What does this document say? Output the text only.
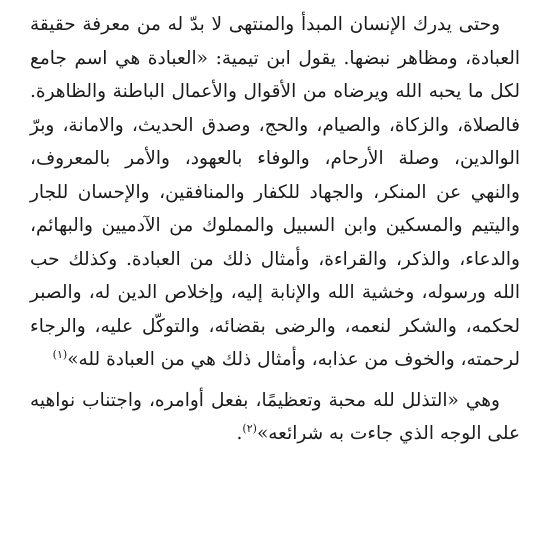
وحتى يدرك الإنسان المبدأ والمنتهى لا بدّ له من معرفة حقيقة العبادة، ومظاهر نبضها. يقول ابن تيمية: «العبادة هي اسم جامع لكل ما يحبه الله ويرضاه من الأقوال والأعمال الباطنة والظاهرة. فالصلاة، والزكاة، والصيام، والحج، وصدق الحديث، والامانة، وبرّ الوالدين، وصلة الأرحام، والوفاء بالعهود، والأمر بالمعروف، والنهي عن المنكر، والجهاد للكفار والمنافقين، والإحسان للجار واليتيم والمسكين وابن السبيل والمملوك من الآدميين والبهائم، والدعاء، والذكر، والقراءة، وأمثال ذلك من العبادة. وكذلك حب الله ورسوله، وخشية الله والإنابة إليه، وإخلاص الدين له، والصبر لحكمه، والشكر لنعمه، والرضى بقضائه، والتوكّل عليه، والرجاء لرحمته، والخوف من عذابه، وأمثال ذلك هي من العبادة لله»$^{(١)}$

وهي «التذلل لله محبة وتعظيمًا، بفعل أوامره، واجتناب نواهيه على الوجه الذي جاءت به شرائعه»$^{(٢)}$.
